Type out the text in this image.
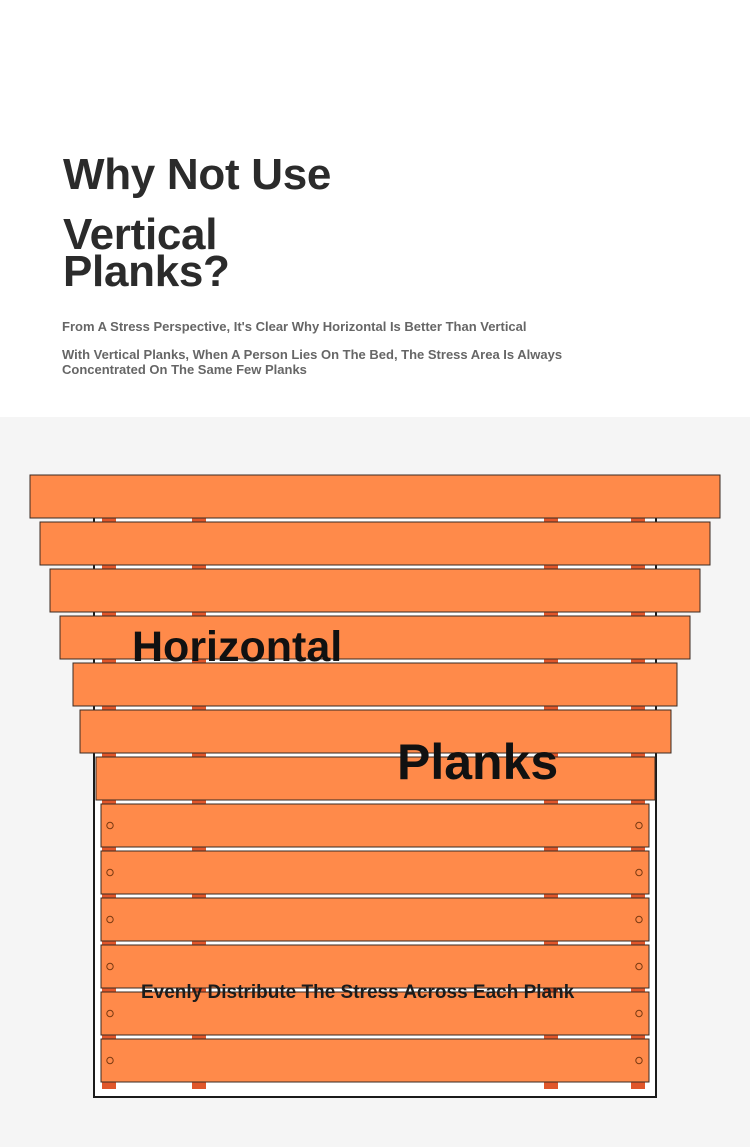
Why Not Use
Vertical
Planks?

From A Stress Perspective, It's Clear Why Horizontal Is Better Than Vertical

With Vertical Planks, When A Person Lies On The Bed, The Stress Area Is Always Concentrated On The Same Few Planks

Horizontal

Planks

Evenly Distribute The Stress Across Each Plank
